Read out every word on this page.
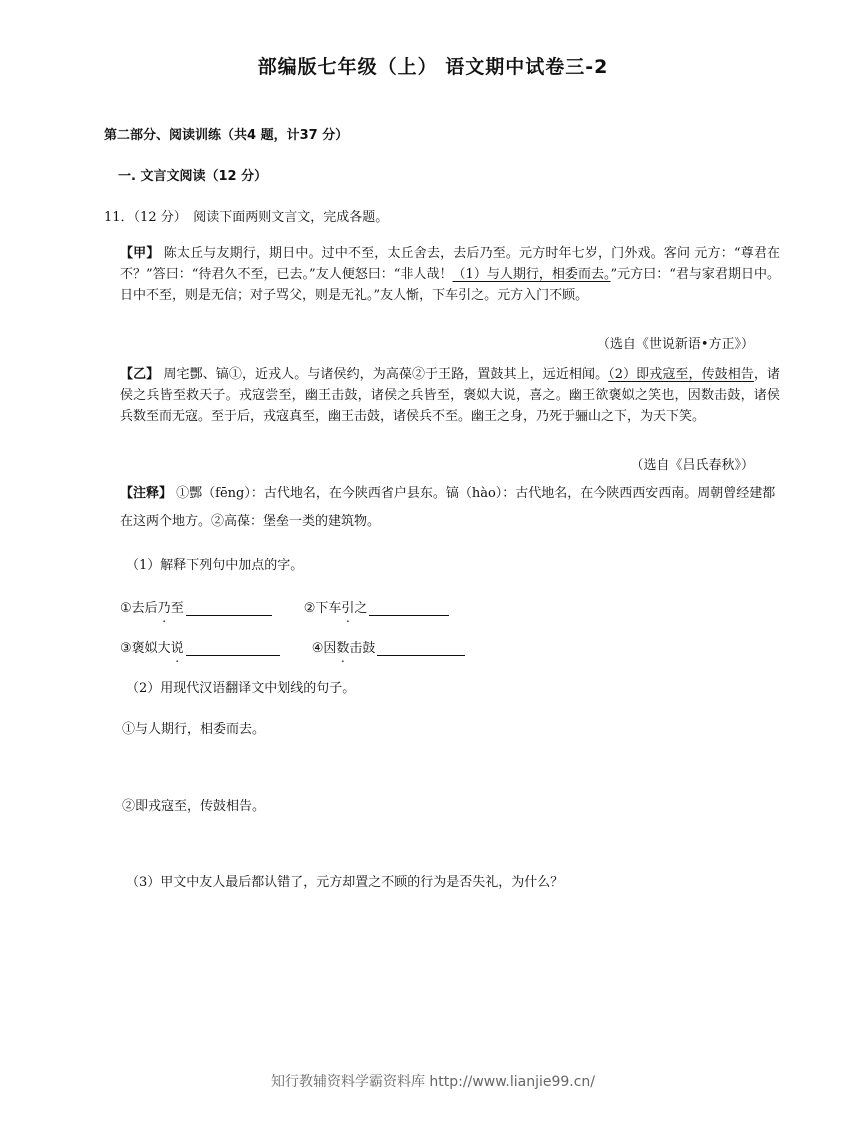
部编版七年级（上） 语文期中试卷三-2
第二部分、阅读训练（共4 题，计37 分）
一. 文言文阅读（12 分）
11．（12 分）　阅读下面两则文言文，完成各题。
【甲】 陈太丘与友期行，期日中。过中不至，太丘舍去，去后乃至。元方时年七岁，门外戏。客问 元方：“尊君在不？”答曰：“待君久不至，已去。”友人便怒曰：“非人哉！（1）与人期行，相委而去。”元方曰：“君与家君期日中。日中不至，则是无信；对子骂父，则是无礼。”友人惭，下车引之。元方入门不顾。
（选自《世说新语•方正》）
【乙】 周宅酆、镐①，近戎人。与诸侯约，为高葆②于王路，置鼓其上，远近相闻。（2）即戎寇至，传鼓相告，诸侯之兵皆至救天子。戎寇尝至，幽王击鼓，诸侯之兵皆至，褒姒大说，喜之。幽王欲褒姒之笑也，因数击鼓，诸侯兵数至而无寇。至于后，戎寇真至，幽王击鼓，诸侯兵不至。幽王之身，乃死于骊山之下，为天下笑。
（选自《吕氏春秋》）
【注释】 ①酆（fēng）：古代地名，在今陕西省户县东。镐（hào）：古代地名，在今陕西西安西南。周朝曾经建都在这两个地方。②高葆：堡垒一类的建筑物。
（1）解释下列句中加点的字。
① 去后 乃 . 至	② 下车 引 . 之
③ 褒姒大 说 .	④ 因 数 . 击鼓
（2）用现代汉语翻译文中划线的句子。
①与人期行，相委而去。
②即戎寇至，传鼓相告。
（3）甲文中友人最后都认错了，元方却置之不顾的行为是否失礼，为什么？
知行教辅资料学霸资料库 http://www.lianjie99.cn/
